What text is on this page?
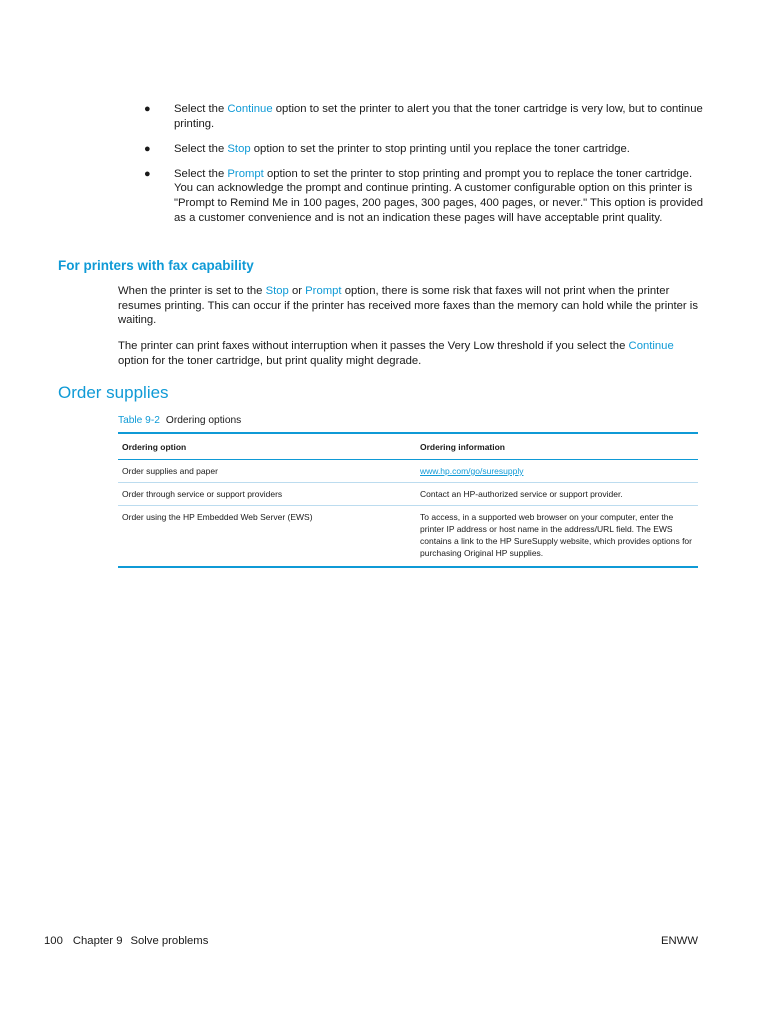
● Select the Continue option to set the printer to alert you that the toner cartridge is very low, but to continue printing.
● Select the Stop option to set the printer to stop printing until you replace the toner cartridge.
● Select the Prompt option to set the printer to stop printing and prompt you to replace the toner cartridge. You can acknowledge the prompt and continue printing. A customer configurable option on this printer is "Prompt to Remind Me in 100 pages, 200 pages, 300 pages, 400 pages, or never." This option is provided as a customer convenience and is not an indication these pages will have acceptable print quality.
For printers with fax capability

When the printer is set to the Stop or Prompt option, there is some risk that faxes will not print when the printer resumes printing. This can occur if the printer has received more faxes than the memory can hold while the printer is waiting.

The printer can print faxes without interruption when it passes the Very Low threshold if you select the Continue option for the toner cartridge, but print quality might degrade.

Order supplies
Table 9-2 Ordering options
Ordering option	Ordering information
Order supplies and paper	www.hp.com/go/suresupply
Order through service or support providers	Contact an HP-authorized service or support provider.
Order using the HP Embedded Web Server (EWS)	To access, in a supported web browser on your computer, enter the printer IP address or host name in the address/URL field. The EWS contains a link to the HP SureSupply website, which provides options for purchasing Original HP supplies.
100 Chapter 9 Solve problems	ENWW
